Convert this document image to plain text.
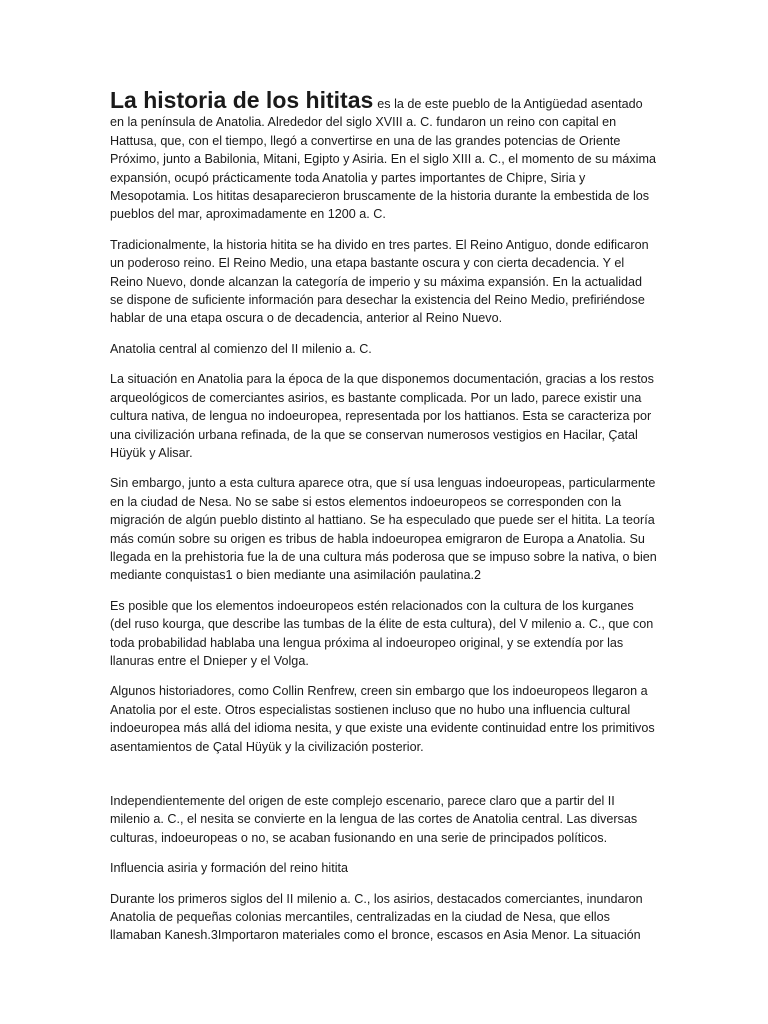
La historia de los hititas es la de este pueblo de la Antigüedad asentado en la península de Anatolia. Alrededor del siglo XVIII a. C. fundaron un reino con capital en Hattusa, que, con el tiempo, llegó a convertirse en una de las grandes potencias de Oriente Próximo, junto a Babilonia, Mitani, Egipto y Asiria. En el siglo XIII a. C., el momento de su máxima expansión, ocupó prácticamente toda Anatolia y partes importantes de Chipre, Siria y Mesopotamia. Los hititas desaparecieron bruscamente de la historia durante la embestida de los pueblos del mar, aproximadamente en 1200 a. C.

Tradicionalmente, la historia hitita se ha divido en tres partes. El Reino Antiguo, donde edificaron un poderoso reino. El Reino Medio, una etapa bastante oscura y con cierta decadencia. Y el Reino Nuevo, donde alcanzan la categoría de imperio y su máxima expansión. En la actualidad se dispone de suficiente información para desechar la existencia del Reino Medio, prefiriéndose hablar de una etapa oscura o de decadencia, anterior al Reino Nuevo.

Anatolia central al comienzo del II milenio a. C.

La situación en Anatolia para la época de la que disponemos documentación, gracias a los restos arqueológicos de comerciantes asirios, es bastante complicada. Por un lado, parece existir una cultura nativa, de lengua no indoeuropea, representada por los hattianos. Esta se caracteriza por una civilización urbana refinada, de la que se conservan numerosos vestigios en Hacilar, Çatal Hüyük y Alisar.

Sin embargo, junto a esta cultura aparece otra, que sí usa lenguas indoeuropeas, particularmente en la ciudad de Nesa. No se sabe si estos elementos indoeuropeos se corresponden con la migración de algún pueblo distinto al hattiano. Se ha especulado que puede ser el hitita. La teoría más común sobre su origen es tribus de habla indoeuropea emigraron de Europa a Anatolia. Su llegada en la prehistoria fue la de una cultura más poderosa que se impuso sobre la nativa, o bien mediante conquistas1 o bien mediante una asimilación paulatina.2

Es posible que los elementos indoeuropeos estén relacionados con la cultura de los kurganes (del ruso kourga, que describe las tumbas de la élite de esta cultura), del V milenio a. C., que con toda probabilidad hablaba una lengua próxima al indoeuropeo original, y se extendía por las llanuras entre el Dnieper y el Volga.

Algunos historiadores, como Collin Renfrew, creen sin embargo que los indoeuropeos llegaron a Anatolia por el este. Otros especialistas sostienen incluso que no hubo una influencia cultural indoeuropea más allá del idioma nesita, y que existe una evidente continuidad entre los primitivos asentamientos de Çatal Hüyük y la civilización posterior.

Independientemente del origen de este complejo escenario, parece claro que a partir del II milenio a. C., el nesita se convierte en la lengua de las cortes de Anatolia central. Las diversas culturas, indoeuropeas o no, se acaban fusionando en una serie de principados políticos.

Influencia asiria y formación del reino hitita

Durante los primeros siglos del II milenio a. C., los asirios, destacados comerciantes, inundaron Anatolia de pequeñas colonias mercantiles, centralizadas en la ciudad de Nesa, que ellos llamaban Kanesh.3Importaron materiales como el bronce, escasos en Asia Menor. La situación
